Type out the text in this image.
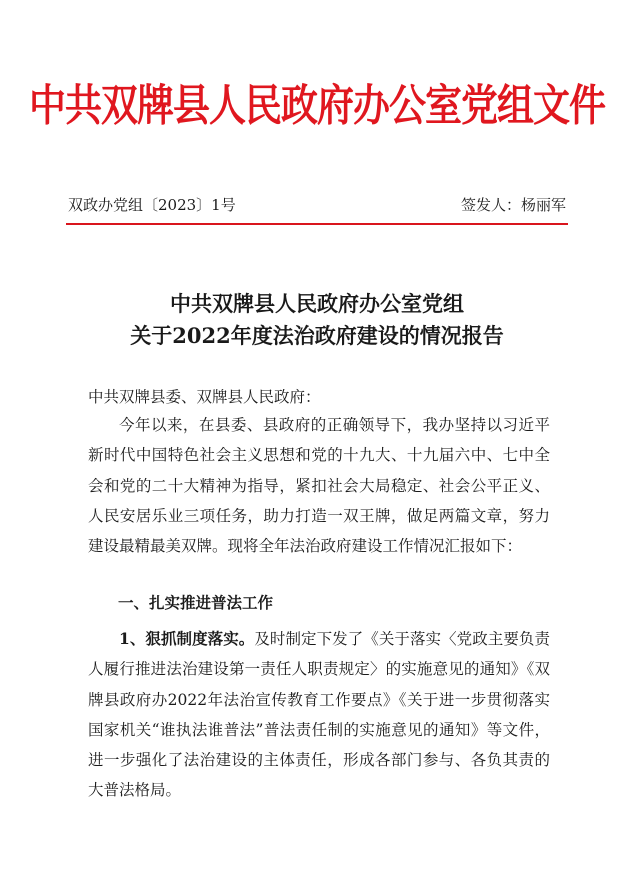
中共双牌县人民政府办公室党组文件
双政办党组〔2023〕1号	签发人：杨丽军
中共双牌县人民政府办公室党组
关于2022年度法治政府建设的情况报告
中共双牌县委、双牌县人民政府：

今年以来，在县委、县政府的正确领导下，我办坚持以习近平新时代中国特色社会主义思想和党的十九大、十九届六中、七中全会和党的二十大精神为指导，紧扣社会大局稳定、社会公平正义、人民安居乐业三项任务，助力打造一双王牌，做足两篇文章，努力建设最精最美双牌。现将全年法治政府建设工作情况汇报如下：

一、扎实推进普法工作

1、狠抓制度落实。及时制定下发了《关于落实〈党政主要负责人履行推进法治建设第一责任人职责规定〉的实施意见的通知》《双牌县政府办2022年法治宣传教育工作要点》《关于进一步贯彻落实国家机关“谁执法谁普法”普法责任制的实施意见的通知》等文件，进一步强化了法治建设的主体责任，形成各部门参与、各负其责的大普法格局。
